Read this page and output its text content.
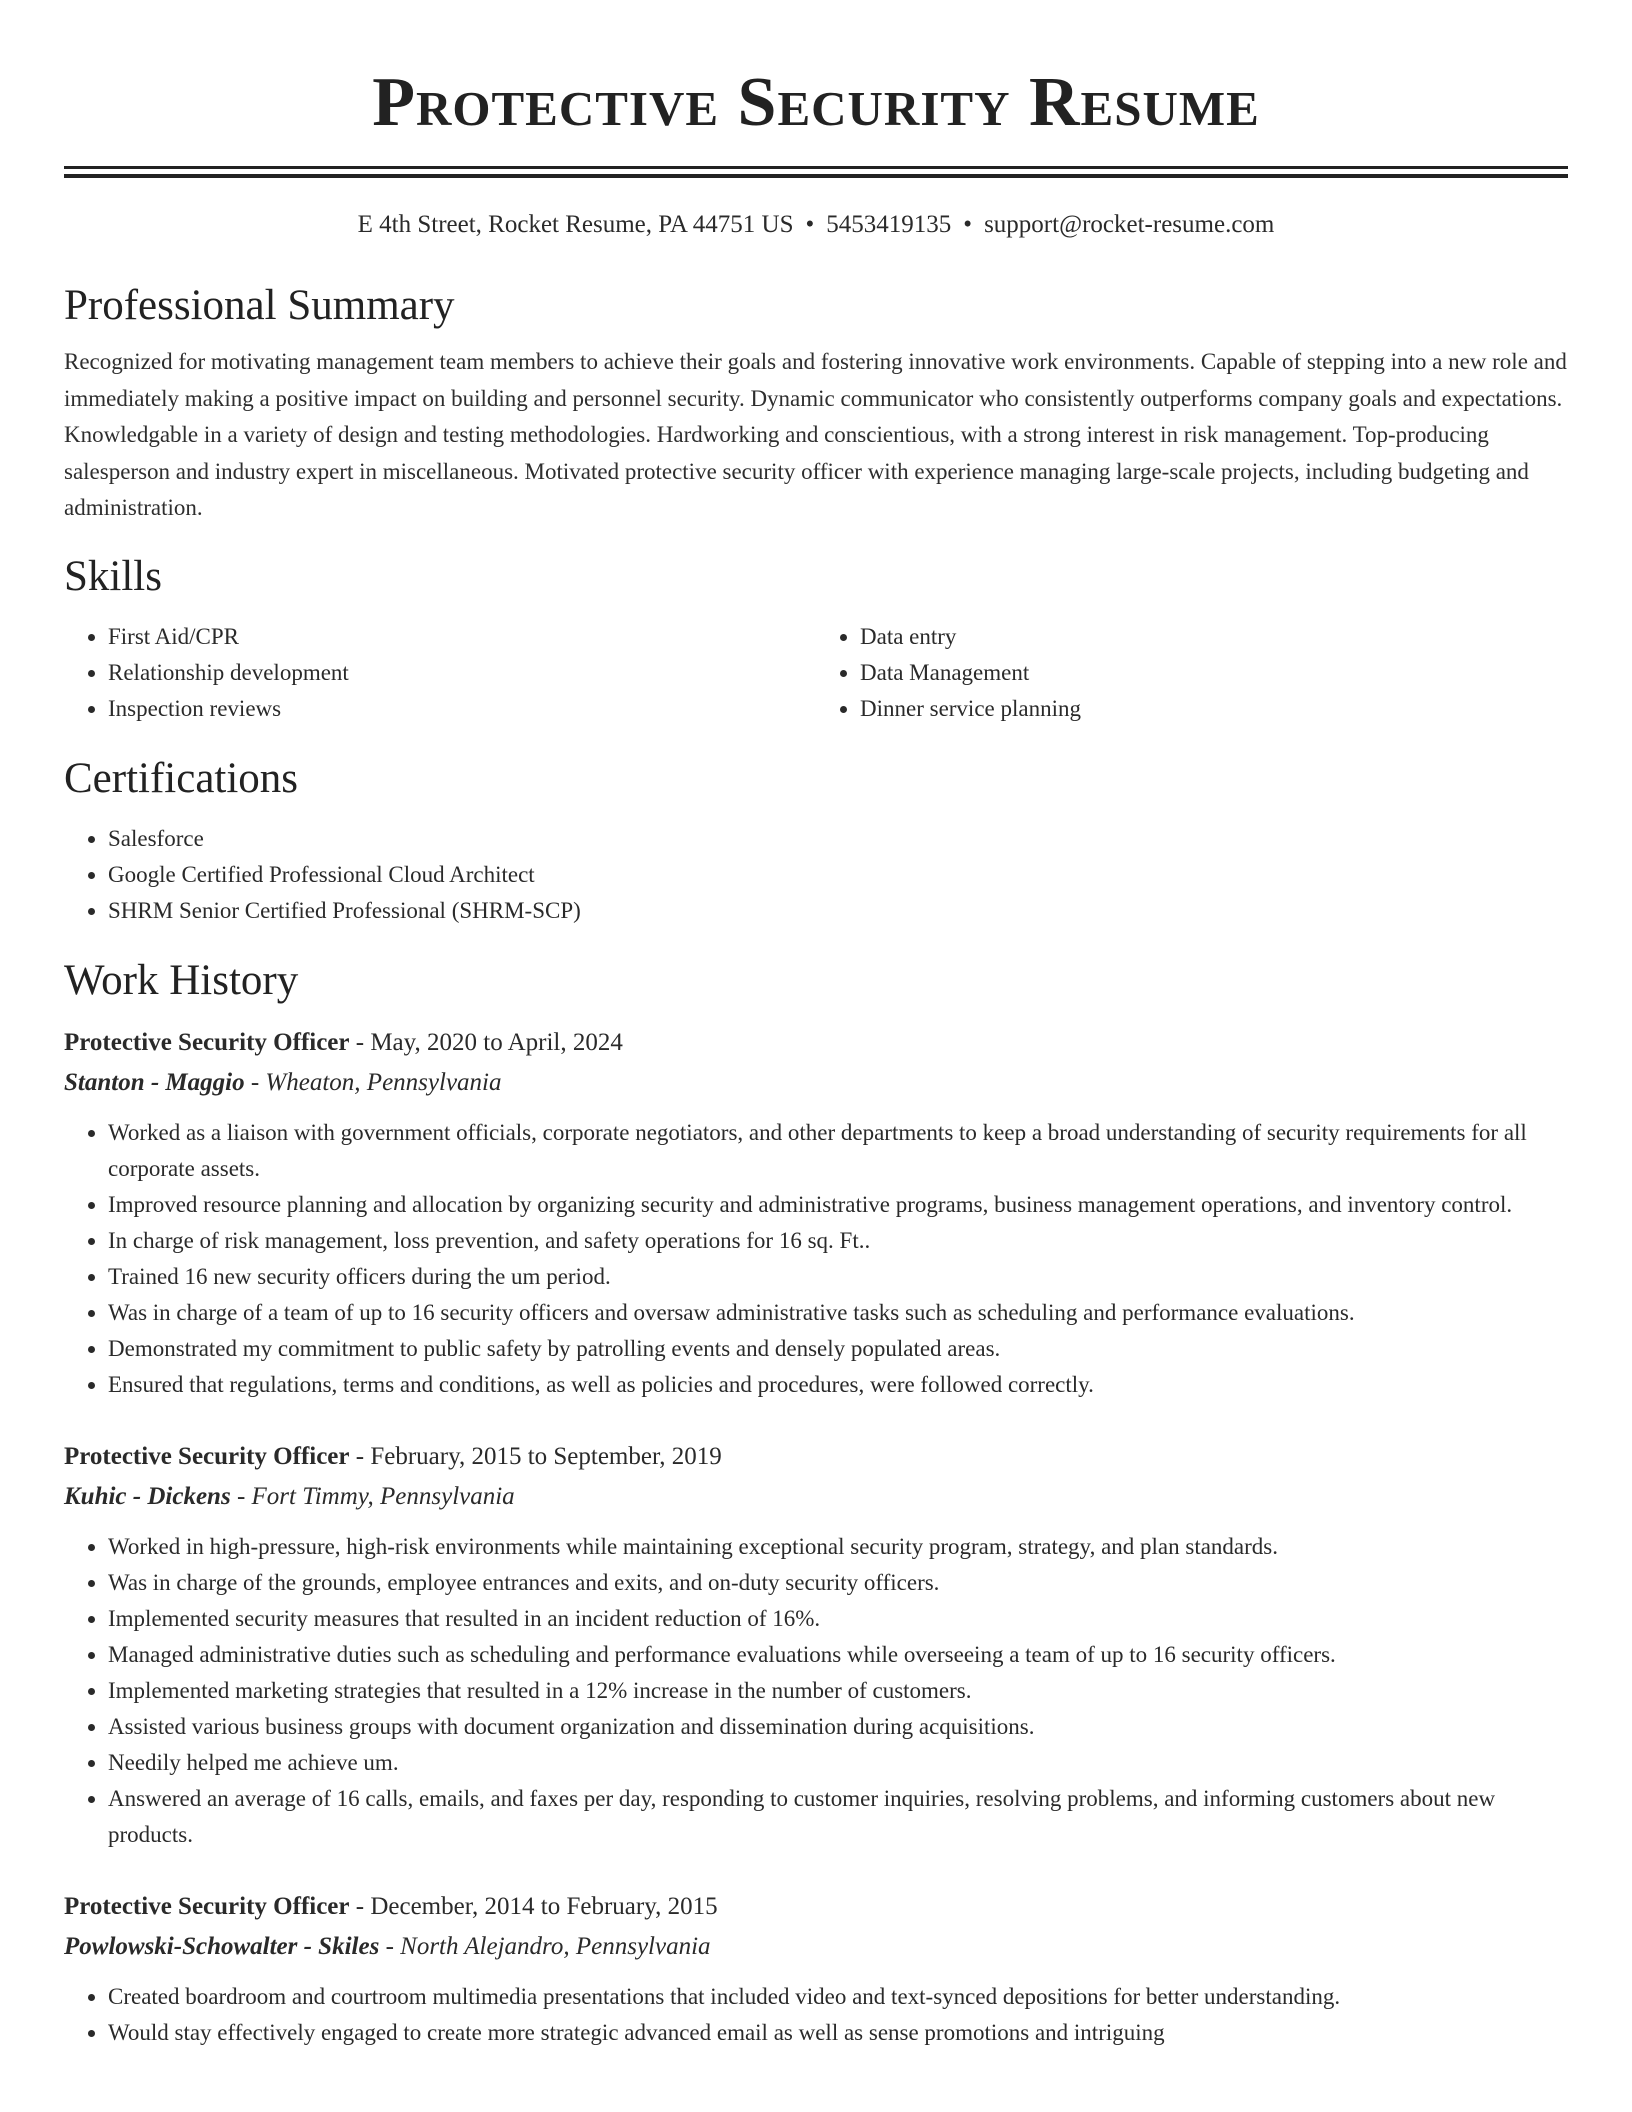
Protective Security Resume
E 4th Street, Rocket Resume, PA 44751 US • 5453419135 • support@rocket-resume.com
Professional Summary
Recognized for motivating management team members to achieve their goals and fostering innovative work environments. Capable of stepping into a new role and immediately making a positive impact on building and personnel security. Dynamic communicator who consistently outperforms company goals and expectations. Knowledgable in a variety of design and testing methodologies. Hardworking and conscientious, with a strong interest in risk management. Top-producing salesperson and industry expert in miscellaneous. Motivated protective security officer with experience managing large-scale projects, including budgeting and administration.
Skills
• First Aid/CPR
• Relationship development
• Inspection reviews
• Data entry
• Data Management
• Dinner service planning
Certifications
• Salesforce
• Google Certified Professional Cloud Architect
• SHRM Senior Certified Professional (SHRM-SCP)
Work History
Protective Security Officer - May, 2020 to April, 2024
Stanton - Maggio - Wheaton, Pennsylvania
• Worked as a liaison with government officials, corporate negotiators, and other departments to keep a broad understanding of security requirements for all corporate assets.
• Improved resource planning and allocation by organizing security and administrative programs, business management operations, and inventory control.
• In charge of risk management, loss prevention, and safety operations for 16 sq. Ft..
• Trained 16 new security officers during the um period.
• Was in charge of a team of up to 16 security officers and oversaw administrative tasks such as scheduling and performance evaluations.
• Demonstrated my commitment to public safety by patrolling events and densely populated areas.
• Ensured that regulations, terms and conditions, as well as policies and procedures, were followed correctly.
Protective Security Officer - February, 2015 to September, 2019
Kuhic - Dickens - Fort Timmy, Pennsylvania
• Worked in high-pressure, high-risk environments while maintaining exceptional security program, strategy, and plan standards.
• Was in charge of the grounds, employee entrances and exits, and on-duty security officers.
• Implemented security measures that resulted in an incident reduction of 16%.
• Managed administrative duties such as scheduling and performance evaluations while overseeing a team of up to 16 security officers.
• Implemented marketing strategies that resulted in a 12% increase in the number of customers.
• Assisted various business groups with document organization and dissemination during acquisitions.
• Needily helped me achieve um.
• Answered an average of 16 calls, emails, and faxes per day, responding to customer inquiries, resolving problems, and informing customers about new products.
Protective Security Officer - December, 2014 to February, 2015
Powlowski-Schowalter - Skiles - North Alejandro, Pennsylvania
• Created boardroom and courtroom multimedia presentations that included video and text-synced depositions for better understanding.
• Would stay effectively engaged to create more strategic advanced email as well as sense promotions and intriguing
